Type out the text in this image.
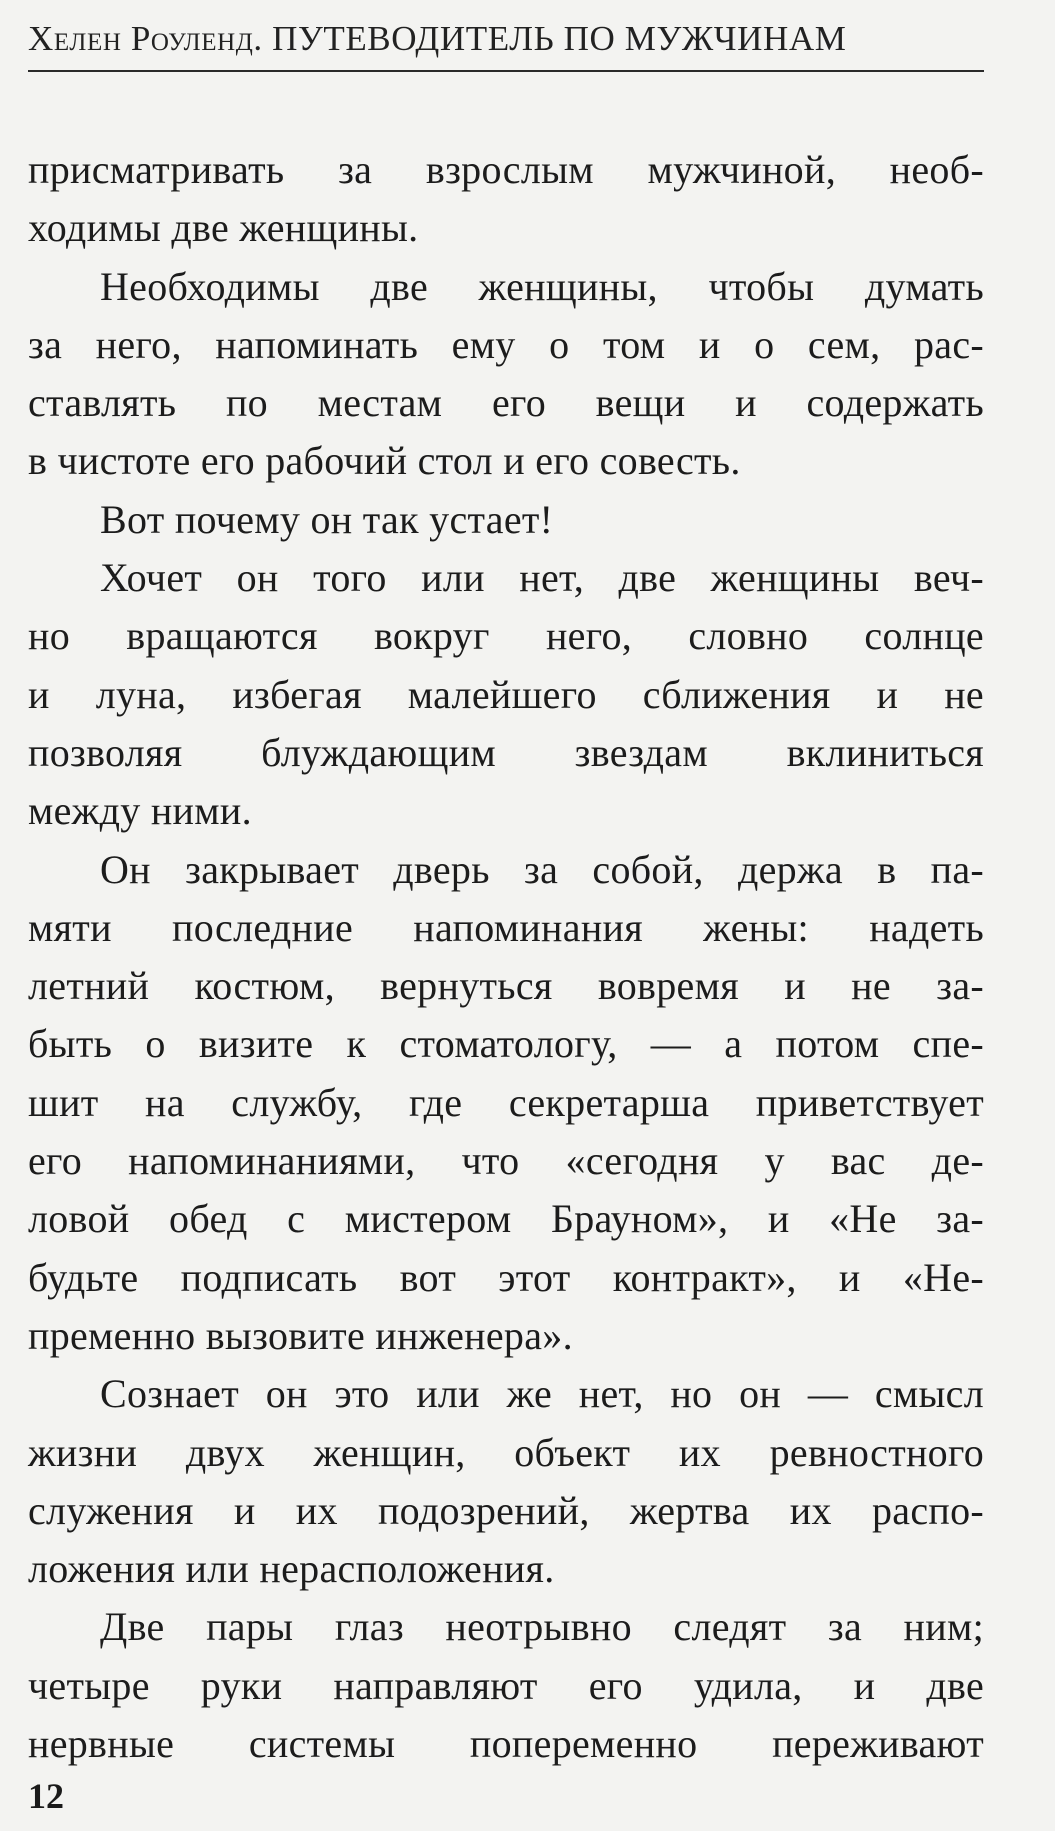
Хелен Роуленд. ПУТЕВОДИТЕЛЬ ПО МУЖЧИНАМ
присматривать за взрослым мужчиной, необ-
ходимы две женщины.
Необходимы две женщины, чтобы думать
за него, напоминать ему о том и о сем, рас-
ставлять по местам его вещи и содержать
в чистоте его рабочий стол и его совесть.
Вот почему он так устает!
Хочет он того или нет, две женщины веч-
но вращаются вокруг него, словно солнце
и луна, избегая малейшего сближения и не
позволяя блуждающим звездам вклиниться
между ними.
Он закрывает дверь за собой, держа в па-
мяти последние напоминания жены: надеть
летний костюм, вернуться вовремя и не за-
быть о визите к стоматологу, — а потом спе-
шит на службу, где секретарша приветствует
его напоминаниями, что «сегодня у вас де-
ловой обед с мистером Брауном», и «Не за-
будьте подписать вот этот контракт», и «Не-
пременно вызовите инженера».
Сознает он это или же нет, но он — смысл
жизни двух женщин, объект их ревностного
служения и их подозрений, жертва их распо-
ложения или нерасположения.
Две пары глаз неотрывно следят за ним;
четыре руки направляют его удила, и две
нервные системы попеременно переживают
12
